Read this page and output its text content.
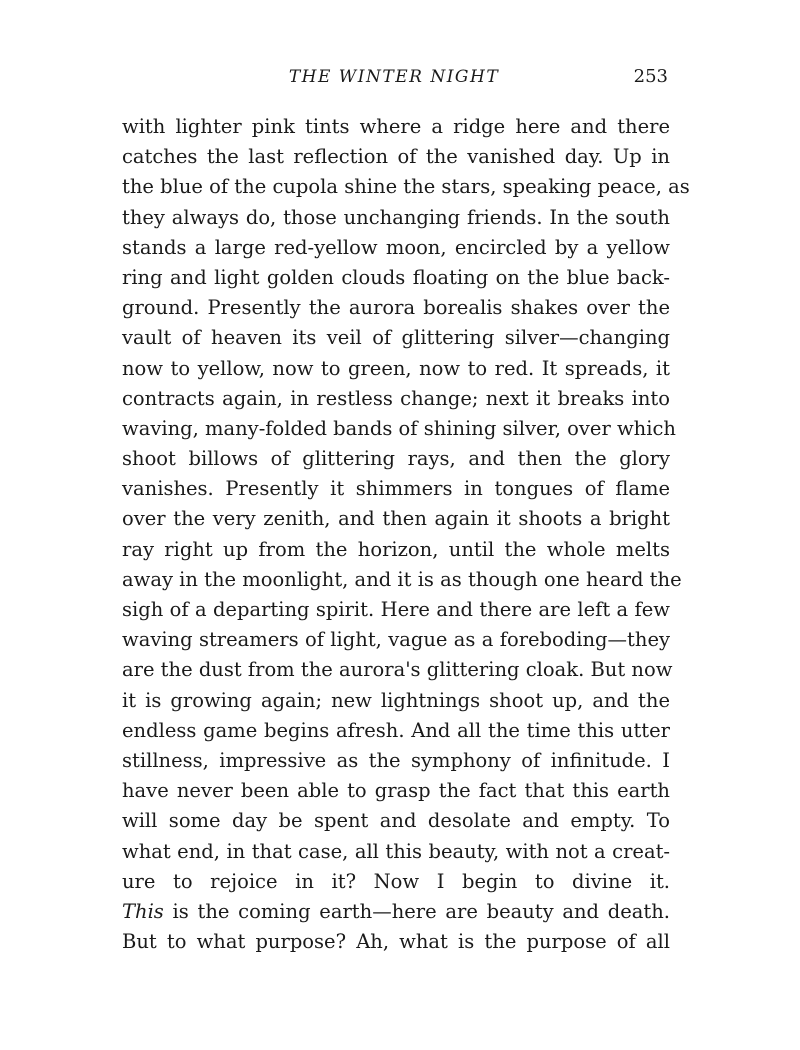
THE WINTER NIGHT	253
with lighter pink tints where a ridge here and there
catches the last reflection of the vanished day. Up in
the blue of the cupola shine the stars, speaking peace, as
they always do, those unchanging friends. In the south
stands a large red-yellow moon, encircled by a yellow
ring and light golden clouds floating on the blue back-
ground. Presently the aurora borealis shakes over the
vault of heaven its veil of glittering silver—changing
now to yellow, now to green, now to red. It spreads, it
contracts again, in restless change; next it breaks into
waving, many-folded bands of shining silver, over which
shoot billows of glittering rays, and then the glory
vanishes. Presently it shimmers in tongues of flame
over the very zenith, and then again it shoots a bright
ray right up from the horizon, until the whole melts
away in the moonlight, and it is as though one heard the
sigh of a departing spirit. Here and there are left a few
waving streamers of light, vague as a foreboding—they
are the dust from the aurora's glittering cloak. But now
it is growing again; new lightnings shoot up, and the
endless game begins afresh. And all the time this utter
stillness, impressive as the symphony of infinitude. I
have never been able to grasp the fact that this earth
will some day be spent and desolate and empty. To
what end, in that case, all this beauty, with not a creat-
ure to rejoice in it? Now I begin to divine it.
This is the coming earth—here are beauty and death.
But to what purpose? Ah, what is the purpose of all
